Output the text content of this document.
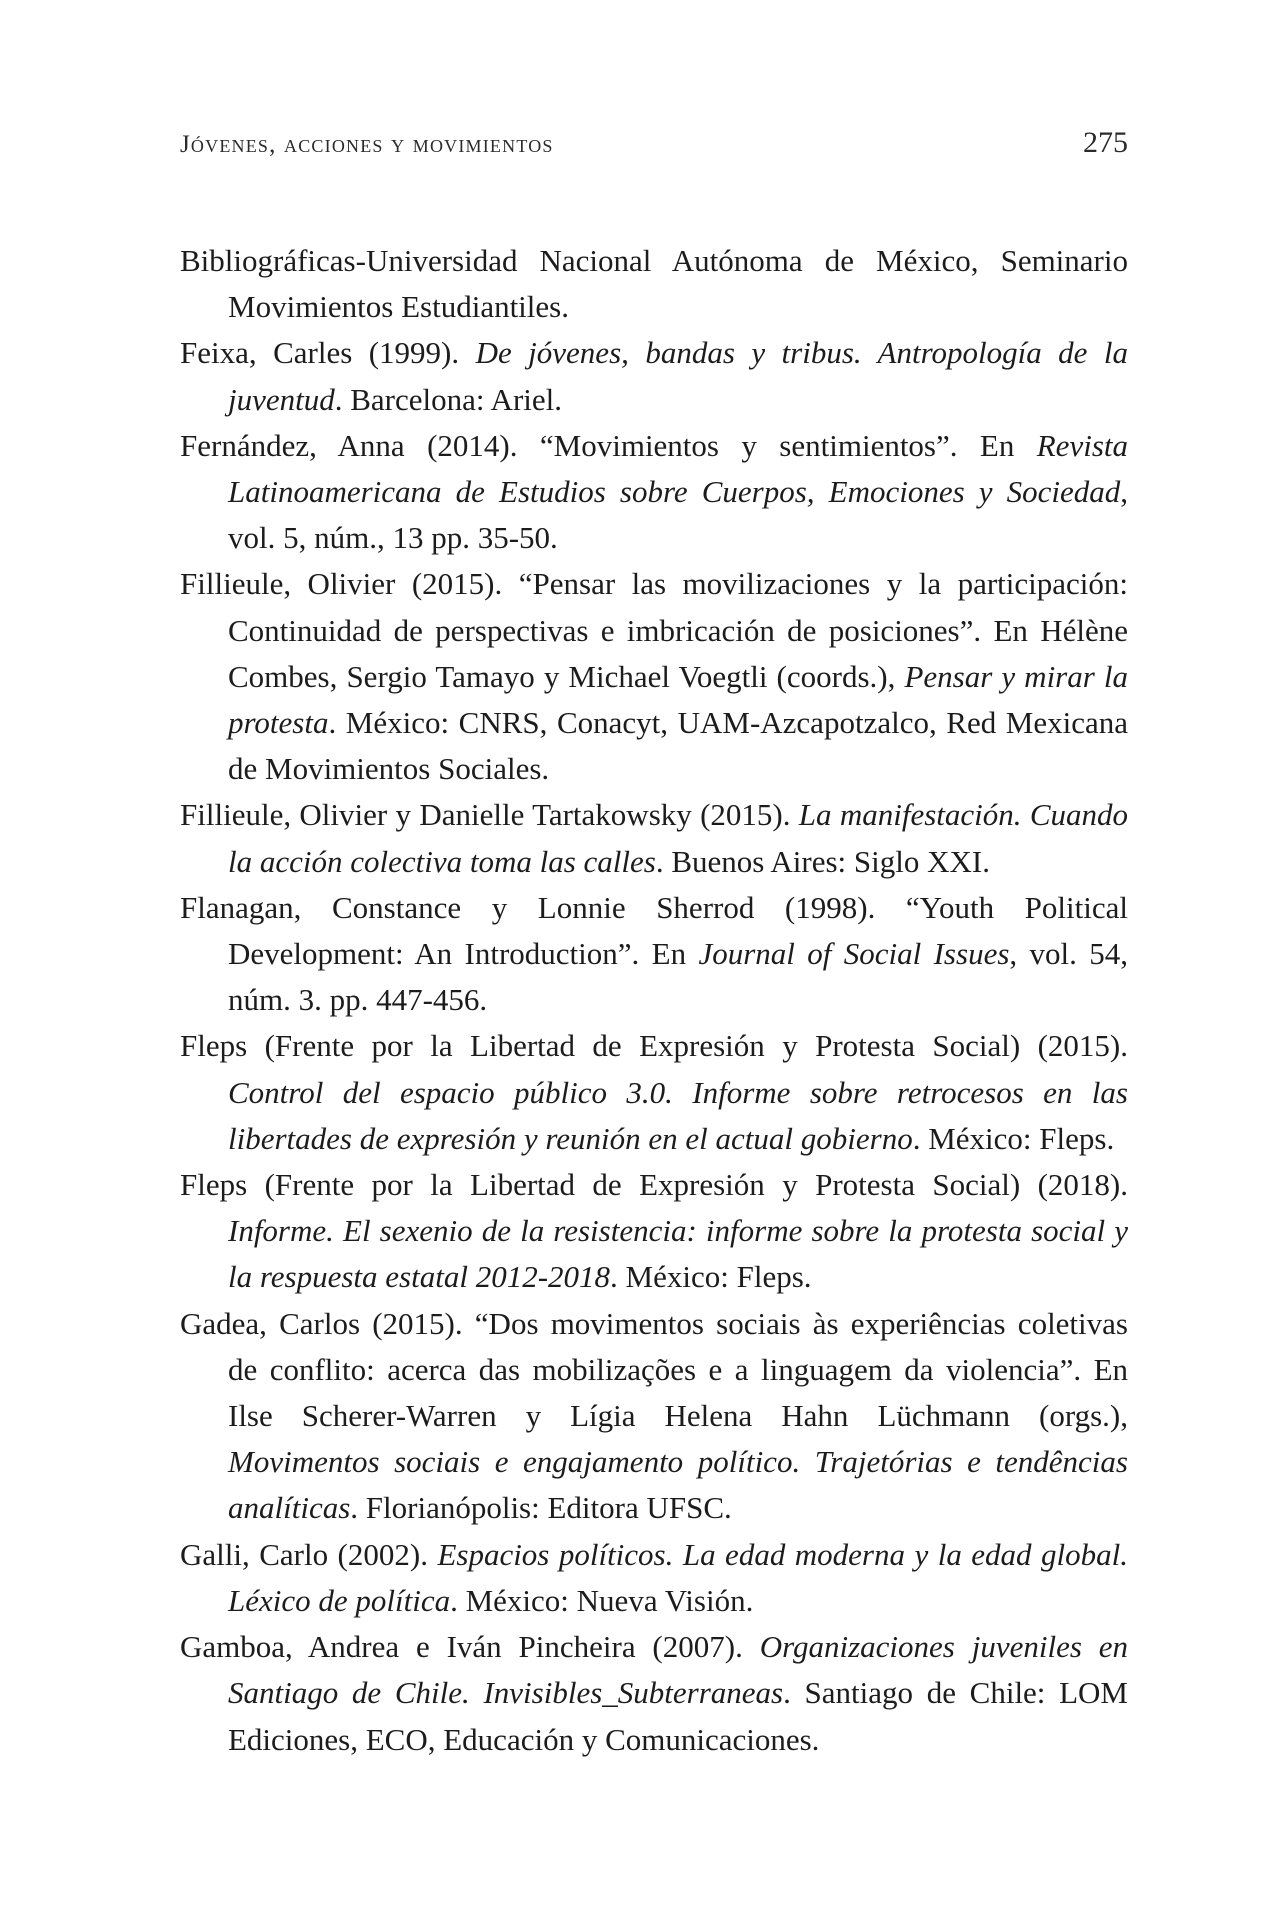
Jóvenes, acciones y movimientos	275
Bibliográficas-Universidad Nacional Autónoma de México, Seminario Movimientos Estudiantiles.
Feixa, Carles (1999). De jóvenes, bandas y tribus. Antropología de la juventud. Barcelona: Ariel.
Fernández, Anna (2014). “Movimientos y sentimientos”. En Revista Latinoamericana de Estudios sobre Cuerpos, Emociones y Sociedad, vol. 5, núm., 13 pp. 35-50.
Fillieule, Olivier (2015). “Pensar las movilizaciones y la participación: Continuidad de perspectivas e imbricación de posiciones”. En Hélène Combes, Sergio Tamayo y Michael Voegtli (coords.), Pensar y mirar la protesta. México: CNRS, Conacyt, UAM-Azcapotzalco, Red Mexicana de Movimientos Sociales.
Fillieule, Olivier y Danielle Tartakowsky (2015). La manifestación. Cuando la acción colectiva toma las calles. Buenos Aires: Siglo XXI.
Flanagan, Constance y Lonnie Sherrod (1998). “Youth Political Development: An Introduction”. En Journal of Social Issues, vol. 54, núm. 3. pp. 447-456.
Fleps (Frente por la Libertad de Expresión y Protesta Social) (2015). Control del espacio público 3.0. Informe sobre retrocesos en las libertades de expresión y reunión en el actual gobierno. México: Fleps.
Fleps (Frente por la Libertad de Expresión y Protesta Social) (2018). Informe. El sexenio de la resistencia: informe sobre la protesta social y la respuesta estatal 2012-2018. México: Fleps.
Gadea, Carlos (2015). “Dos movimentos sociais às experiências coletivas de conflito: acerca das mobilizações e a linguagem da violencia”. En Ilse Scherer-Warren y Lígia Helena Hahn Lüchmann (orgs.), Movimentos sociais e engajamento político. Trajetórias e tendências analíticas. Florianópolis: Editora UFSC.
Galli, Carlo (2002). Espacios políticos. La edad moderna y la edad global. Léxico de política. México: Nueva Visión.
Gamboa, Andrea e Iván Pincheira (2007). Organizaciones juveniles en Santiago de Chile. Invisibles_Subterraneas. Santiago de Chile: LOM Ediciones, ECO, Educación y Comunicaciones.
